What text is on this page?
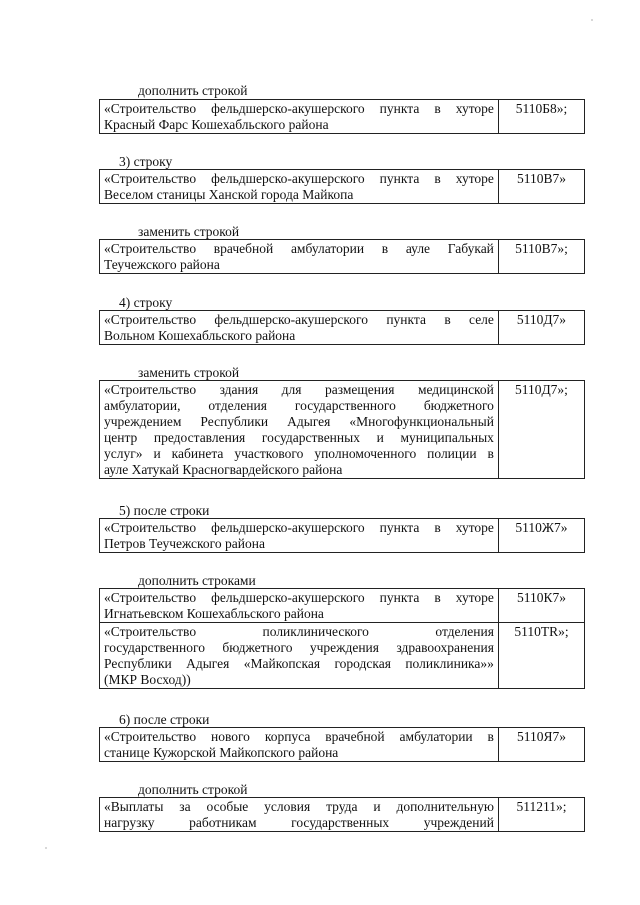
дополнить строкой
«Строительство фельдшерско-акушерского пункта в хуторе
Красный Фарс Кошехабльского района
	5110Б8»;
3) строку
«Строительство фельдшерско-акушерского пункта в хуторе
Веселом станицы Ханской города Майкопа
	5110В7»
заменить строкой
«Строительство врачебной амбулатории в ауле Габукай
Теучежского района
	5110В7»;
4) строку
«Строительство фельдшерско-акушерского пункта в селе
Вольном Кошехабльского района
	5110Д7»
заменить строкой
«Строительство здания для размещения медицинской
амбулатории, отделения государственного бюджетного
учреждением Республики Адыгея «Многофункциональный
центр предоставления государственных и муниципальных
услуг» и кабинета участкового уполномоченного полиции в
ауле Хатукай Красногвардейского района
	5110Д7»;
5) после строки
«Строительство фельдшерско-акушерского пункта в хуторе
Петров Теучежского района
	5110Ж7»
дополнить строками
«Строительство фельдшерско-акушерского пункта в хуторе
Игнатьевском Кошехабльского района	5110К7»

«Строительство поликлинического отделения
государственного бюджетного учреждения здравоохранения
Республики Адыгея «Майкопская городская поликлиника»»
(МКР Восход))	5110TR»;
6) после строки
«Строительство нового корпуса врачебной амбулатории в
станице Кужорской Майкопского района
	5110Я7»
дополнить строкой
«Выплаты за особые условия труда и дополнительную
нагрузку работникам государственных учреждений
	511211»;
